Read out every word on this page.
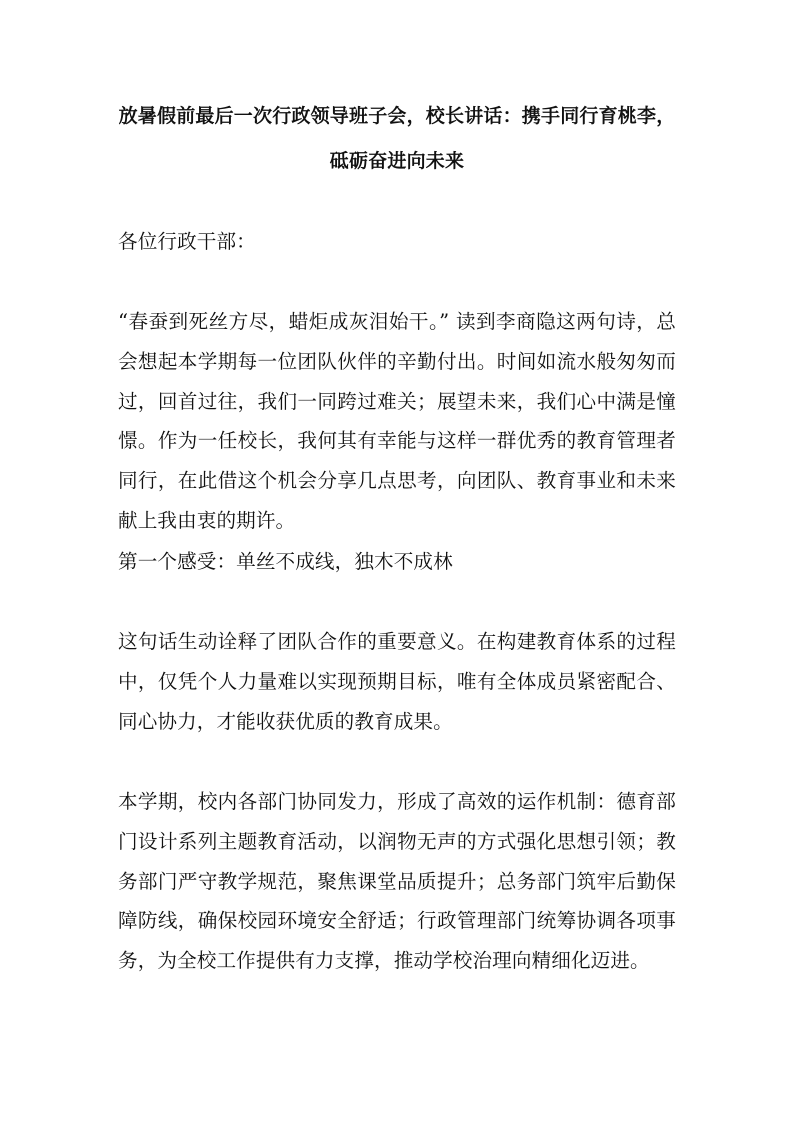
放暑假前最后一次行政领导班子会，校长讲话：携手同行育桃李，砥砺奋进向未来
各位行政干部：
“春蚕到死丝方尽，蜡炬成灰泪始干。” 读到李商隐这两句诗，总会想起本学期每一位团队伙伴的辛勤付出。时间如流水般匆匆而过，回首过往，我们一同跨过难关；展望未来，我们心中满是憧憬。作为一任校长，我何其有幸能与这样一群优秀的教育管理者同行，在此借这个机会分享几点思考，向团队、教育事业和未来献上我由衷的期许。
第一个感受：单丝不成线，独木不成林
这句话生动诠释了团队合作的重要意义。在构建教育体系的过程中，仅凭个人力量难以实现预期目标，唯有全体成员紧密配合、同心协力，才能收获优质的教育成果。
本学期，校内各部门协同发力，形成了高效的运作机制：德育部门设计系列主题教育活动，以润物无声的方式强化思想引领；教务部门严守教学规范，聚焦课堂品质提升；总务部门筑牢后勤保障防线，确保校园环境安全舒适；行政管理部门统筹协调各项事务，为全校工作提供有力支撑，推动学校治理向精细化迈进。
